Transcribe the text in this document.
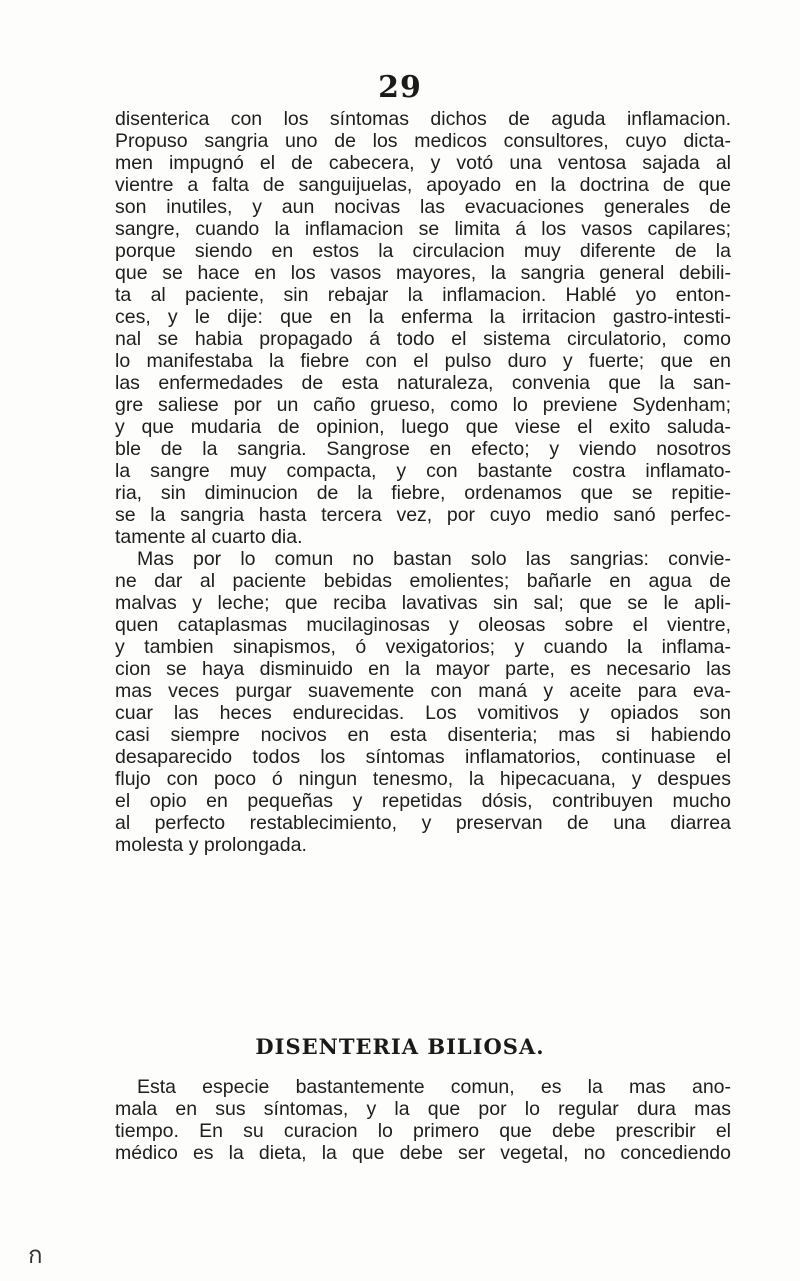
29
disenterica con los síntomas dichos de aguda inflamacion.
Propuso sangria uno de los medicos consultores, cuyo dicta-
men impugnó el de cabecera, y votó una ventosa sajada al
vientre a falta de sanguijuelas, apoyado en la doctrina de que
son inutiles, y aun nocivas las evacuaciones generales de
sangre, cuando la inflamacion se limita á los vasos capilares;
porque siendo en estos la circulacion muy diferente de la
que se hace en los vasos mayores, la sangria general debili-
ta al paciente, sin rebajar la inflamacion. Hablé yo enton-
ces, y le dije: que en la enferma la irritacion gastro-intesti-
nal se habia propagado á todo el sistema circulatorio, como
lo manifestaba la fiebre con el pulso duro y fuerte; que en
las enfermedades de esta naturaleza, convenia que la san-
gre saliese por un caño grueso, como lo previene Sydenham;
y que mudaria de opinion, luego que viese el exito saluda-
ble de la sangria. Sangrose en efecto; y viendo nosotros
la sangre muy compacta, y con bastante costra inflamato-
ria, sin diminucion de la fiebre, ordenamos que se repitie-
se la sangria hasta tercera vez, por cuyo medio sanó perfec-
tamente al cuarto dia.
Mas por lo comun no bastan solo las sangrias: convie-
ne dar al paciente bebidas emolientes; bañarle en agua de
malvas y leche; que reciba lavativas sin sal; que se le apli-
quen cataplasmas mucilaginosas y oleosas sobre el vientre,
y tambien sinapismos, ó vexigatorios; y cuando la inflama-
cion se haya disminuido en la mayor parte, es necesario las
mas veces purgar suavemente con maná y aceite para eva-
cuar las heces endurecidas. Los vomitivos y opiados son
casi siempre nocivos en esta disenteria; mas si habiendo
desaparecido todos los síntomas inflamatorios, continuase el
flujo con poco ó ningun tenesmo, la hipecacuana, y despues
el opio en pequeñas y repetidas dósis, contribuyen mucho
al perfecto restablecimiento, y preservan de una diarrea
molesta y prolongada.
DISENTERIA BILIOSA.
Esta especie bastantemente comun, es la mas ano-
mala en sus síntomas, y la que por lo regular dura mas
tiempo. En su curacion lo primero que debe prescribir el
médico es la dieta, la que debe ser vegetal, no concediendo
ก
